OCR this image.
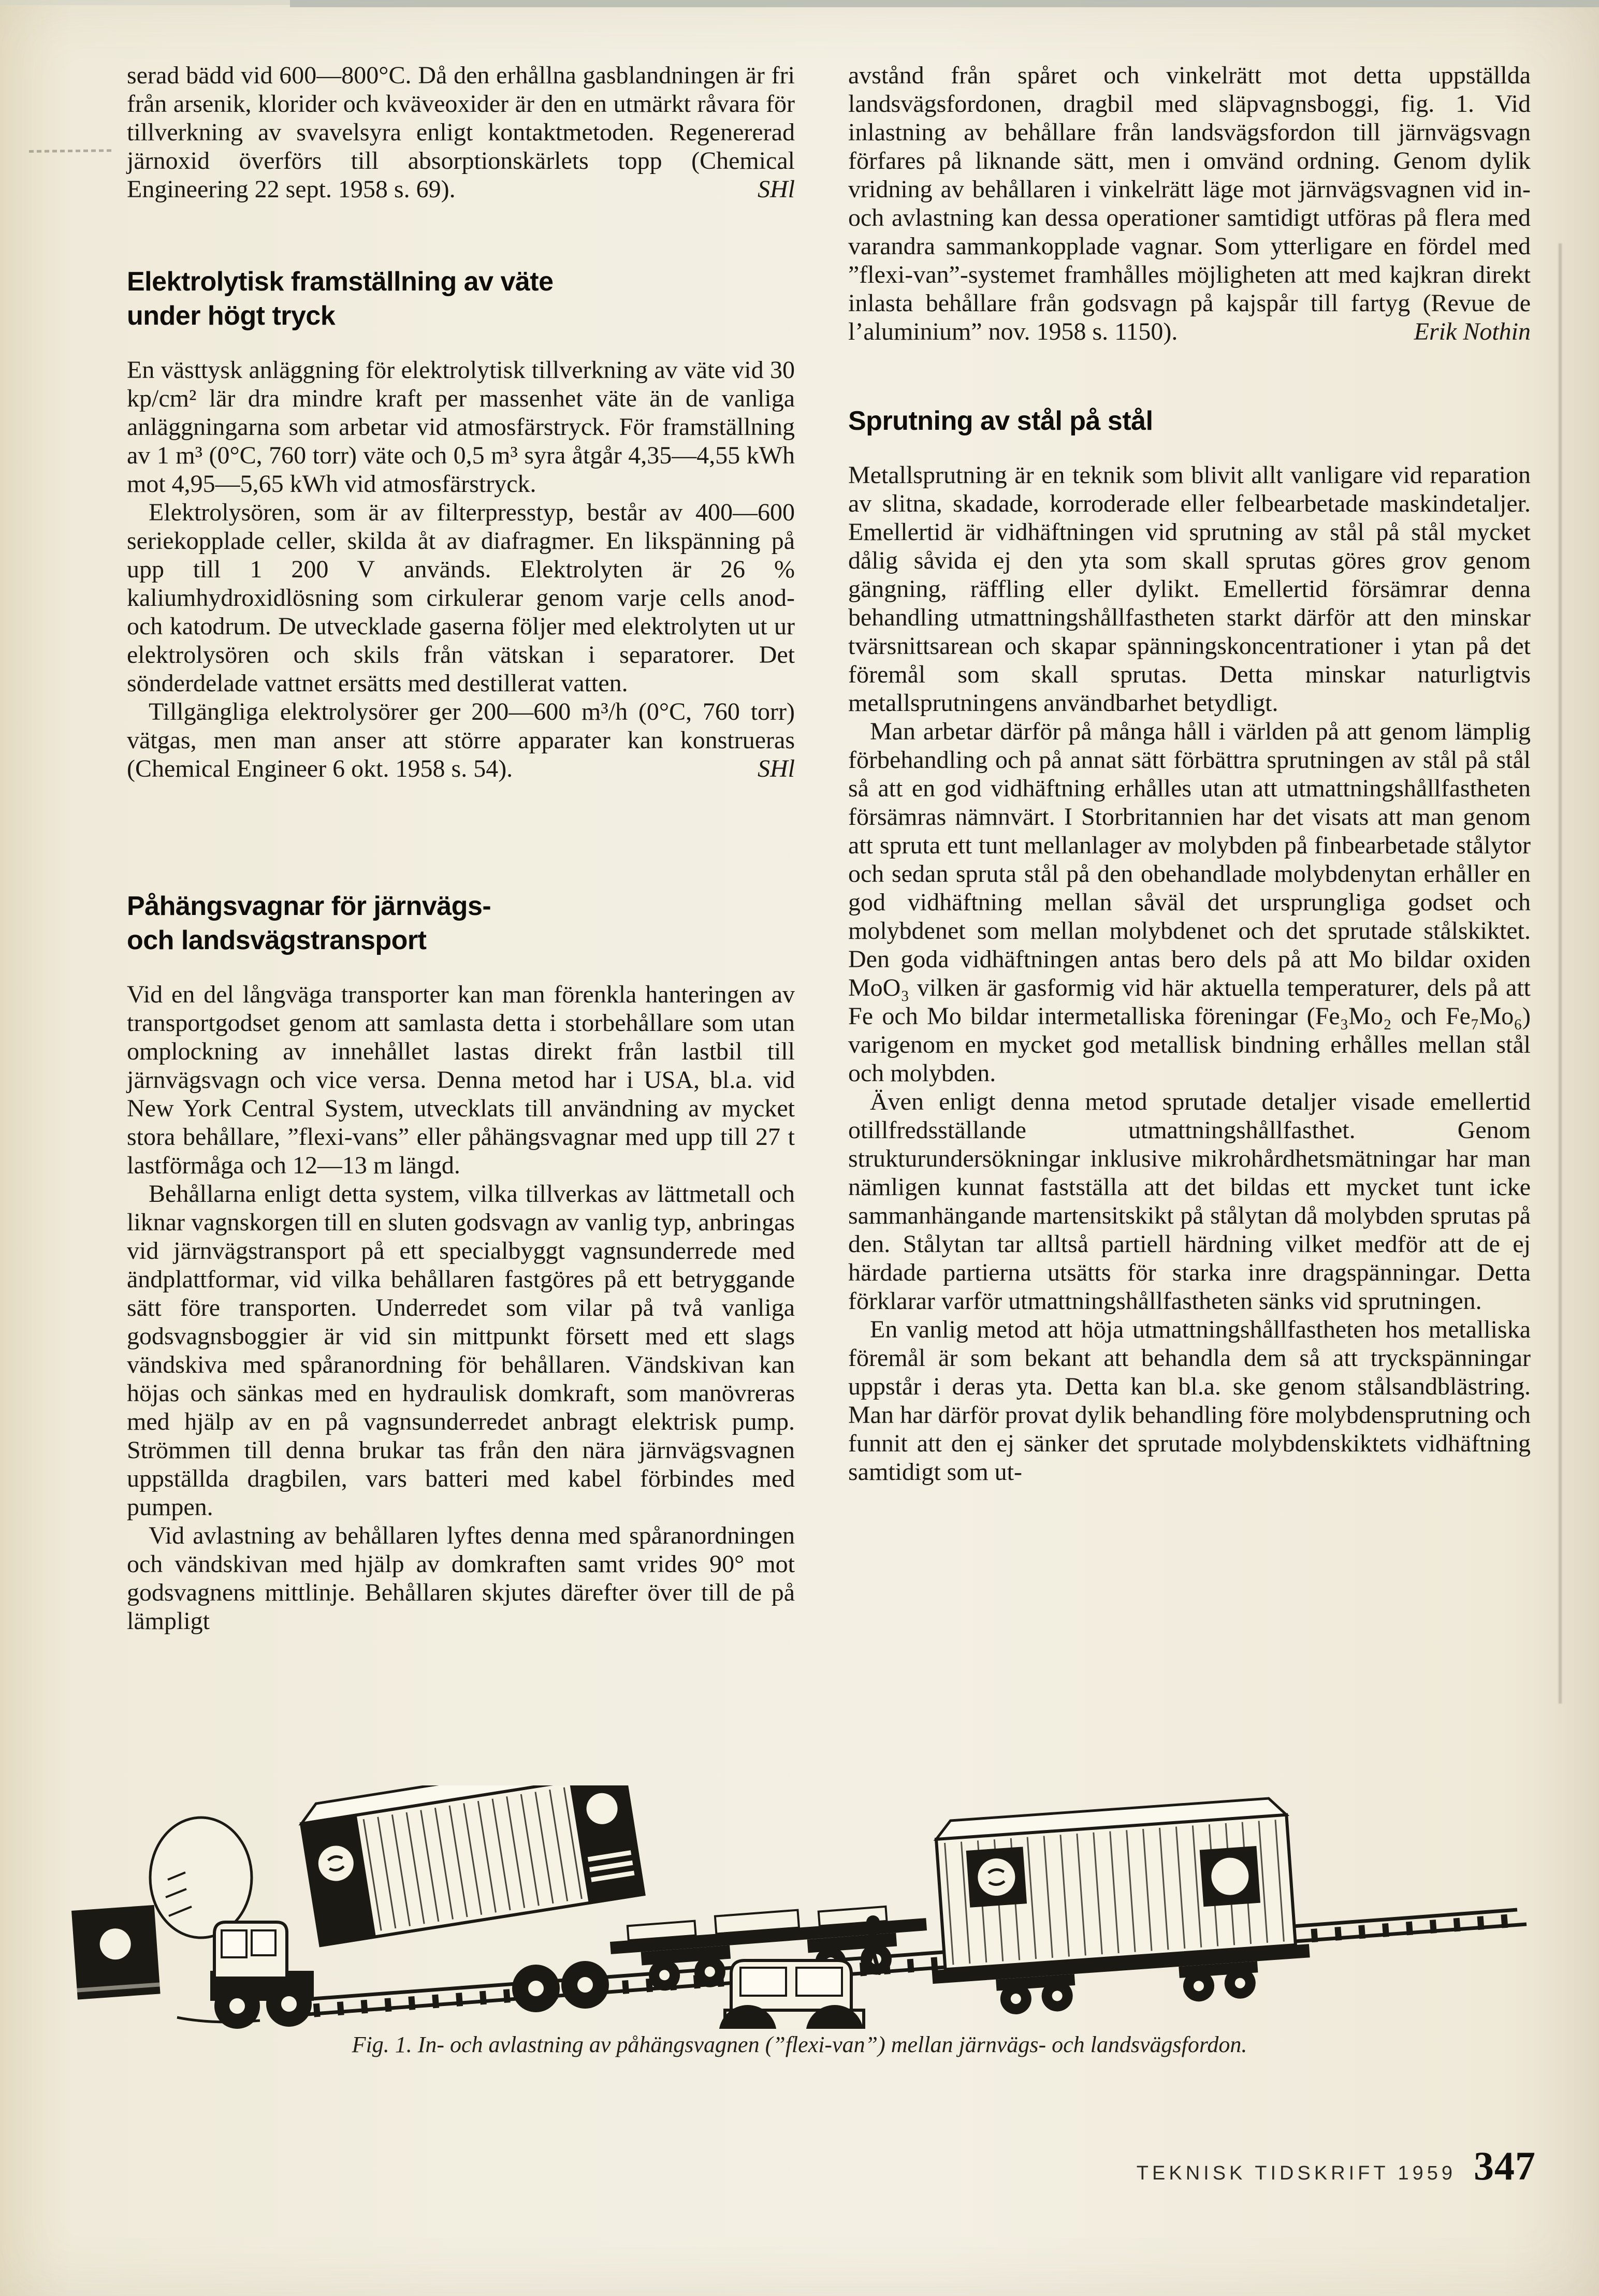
serad bädd vid 600—800°C. Då den erhållna gasblandningen är fri från arsenik, klorider och kväveoxider är den en utmärkt råvara för tillverkning av svavelsyra enligt kontaktmetoden. Regenererad järnoxid överförs till absorptionskärlets topp (Chemical Engineering 22 sept. 1958 s. 69).	SHl

Elektrolytisk framställning av väte
under högt tryck

En västtysk anläggning för elektrolytisk tillverkning av väte vid 30 kp/cm² lär dra mindre kraft per massenhet väte än de vanliga anläggningarna som arbetar vid atmosfärstryck. För framställning av 1 m³ (0°C, 760 torr) väte och 0,5 m³ syra åtgår 4,35—4,55 kWh mot 4,95—5,65 kWh vid atmosfärstryck.

Elektrolysören, som är av filterpresstyp, består av 400—600 seriekopplade celler, skilda åt av diafragmer. En likspänning på upp till 1 200 V används. Elektrolyten är 26 % kaliumhydroxidlösning som cirkulerar genom varje cells anod- och katodrum. De utvecklade gaserna följer med elektrolyten ut ur elektrolysören och skils från vätskan i separatorer. Det sönderdelade vattnet ersätts med destillerat vatten.

Tillgängliga elektrolysörer ger 200—600 m³/h (0°C, 760 torr) vätgas, men man anser att större apparater kan konstrueras (Chemical Engineer 6 okt. 1958 s. 54).	SHl

Påhängsvagnar för järnvägs-
och landsvägstransport

Vid en del långväga transporter kan man förenkla hanteringen av transportgodset genom att samlasta detta i storbehållare som utan omplockning av innehållet lastas direkt från lastbil till järnvägsvagn och vice versa. Denna metod har i USA, bl.a. vid New York Central System, utvecklats till användning av mycket stora behållare, ”flexi-vans” eller påhängsvagnar med upp till 27 t lastförmåga och 12—13 m längd.

Behållarna enligt detta system, vilka tillverkas av lättmetall och liknar vagnskorgen till en sluten godsvagn av vanlig typ, anbringas vid järnvägstransport på ett specialbyggt vagnsunderrede med ändplattformar, vid vilka behållaren fastgöres på ett betryggande sätt före transporten. Underredet som vilar på två vanliga godsvagnsboggier är vid sin mittpunkt försett med ett slags vändskiva med spåranordning för behållaren. Vändskivan kan höjas och sänkas med en hydraulisk domkraft, som manövreras med hjälp av en på vagnsunderredet anbragt elektrisk pump. Strömmen till denna brukar tas från den nära järnvägsvagnen uppställda dragbilen, vars batteri med kabel förbindes med pumpen.

Vid avlastning av behållaren lyftes denna med spåranordningen och vändskivan med hjälp av domkraften samt vrides 90° mot godsvagnens mittlinje. Behållaren skjutes därefter över till de på lämpligt

avstånd från spåret och vinkelrätt mot detta uppställda landsvägsfordonen, dragbil med släpvagnsboggi, fig. 1. Vid inlastning av behållare från landsvägsfordon till järnvägsvagn förfares på liknande sätt, men i omvänd ordning. Genom dylik vridning av behållaren i vinkelrätt läge mot järnvägsvagnen vid in- och avlastning kan dessa operationer samtidigt utföras på flera med varandra sammankopplade vagnar. Som ytterligare en fördel med ”flexi-van”-systemet framhålles möjligheten att med kajkran direkt inlasta behållare från godsvagn på kajspår till fartyg (Revue de l’aluminium” nov. 1958 s. 1150).	Erik Nothin

Sprutning av stål på stål

Metallsprutning är en teknik som blivit allt vanligare vid reparation av slitna, skadade, korroderade eller felbearbetade maskindetaljer. Emellertid är vidhäftningen vid sprutning av stål på stål mycket dålig såvida ej den yta som skall sprutas göres grov genom gängning, räffling eller dylikt. Emellertid försämrar denna behandling utmattningshållfastheten starkt därför att den minskar tvärsnittsarean och skapar spänningskoncentrationer i ytan på det föremål som skall sprutas. Detta minskar naturligtvis metallsprutningens användbarhet betydligt.

Man arbetar därför på många håll i världen på att genom lämplig förbehandling och på annat sätt förbättra sprutningen av stål på stål så att en god vidhäftning erhålles utan att utmattningshållfastheten försämras nämnvärt. I Storbritannien har det visats att man genom att spruta ett tunt mellanlager av molybden på finbearbetade stålytor och sedan spruta stål på den obehandlade molybdenytan erhåller en god vidhäftning mellan såväl det ursprungliga godset och molybdenet som mellan molybdenet och det sprutade stålskiktet. Den goda vidhäftningen antas bero dels på att Mo bildar oxiden MoO₃ vilken är gasformig vid här aktuella temperaturer, dels på att Fe och Mo bildar intermetalliska föreningar (Fe₃Mo₂ och Fe₇Mo₆) varigenom en mycket god metallisk bindning erhålles mellan stål och molybden.

Även enligt denna metod sprutade detaljer visade emellertid otillfredsställande utmattningshållfasthet. Genom strukturundersökningar inklusive mikrohårdhetsmätningar har man nämligen kunnat fastställa att det bildas ett mycket tunt icke sammanhängande martensitskikt på stålytan då molybden sprutas på den. Stålytan tar alltså partiell härdning vilket medför att de ej härdade partierna utsätts för starka inre dragspänningar. Detta förklarar varför utmattningshållfastheten sänks vid sprutningen.

En vanlig metod att höja utmattningshållfastheten hos metalliska föremål är som bekant att behandla dem så att tryckspänningar uppstår i deras yta. Detta kan bl.a. ske genom stålsandblästring. Man har därför provat dylik behandling före molybdensprutning och funnit att den ej sänker det sprutade molybdenskiktets vidhäftning samtidigt som ut-

Fig. 1. In- och avlastning av påhängsvagnen (”flexi-van”) mellan järnvägs- och landsvägsfordon.
TEKNISK TIDSKRIFT 1959 347
